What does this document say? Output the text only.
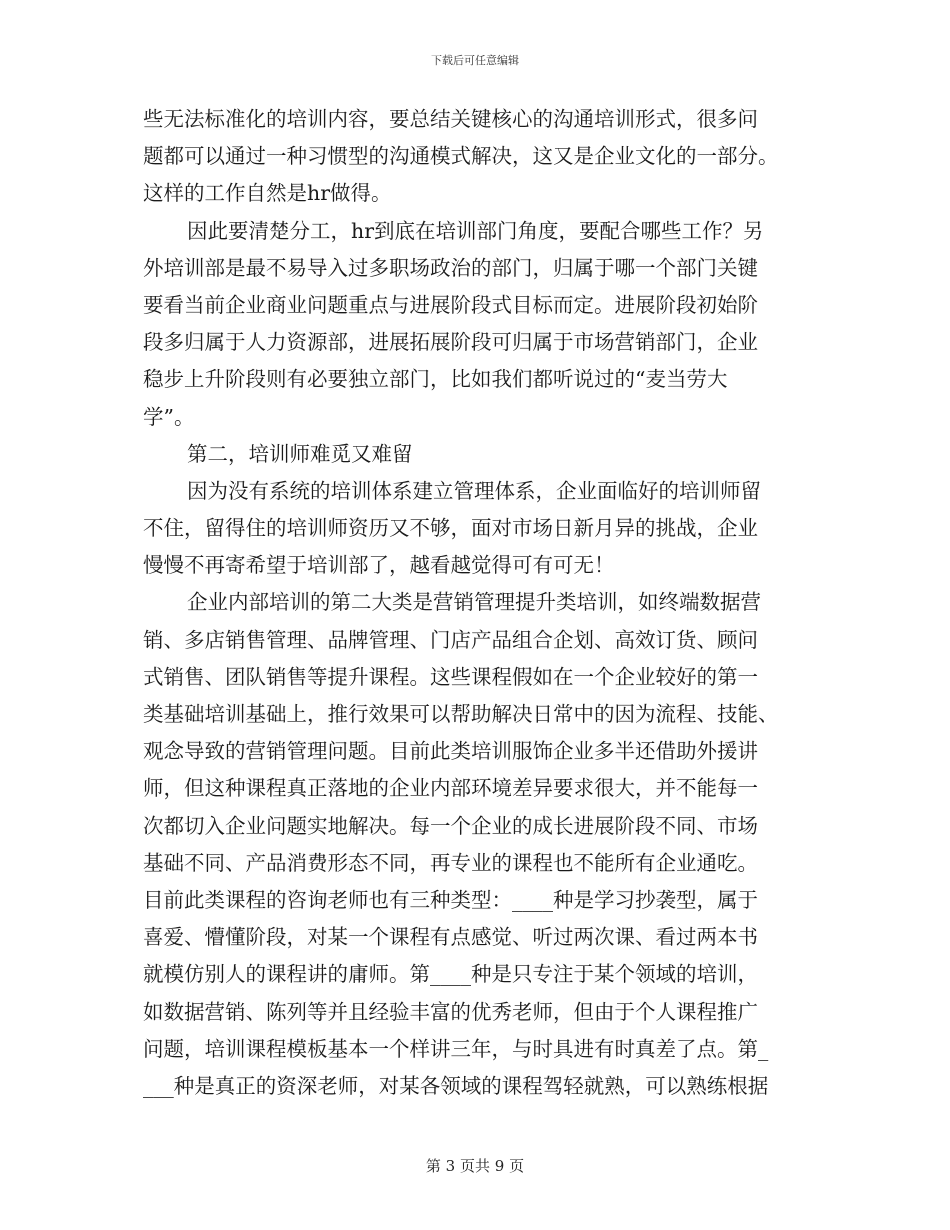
下载后可任意编辑
些无法标准化的培训内容，要总结关键核心的沟通培训形式，很多问
题都可以通过一种习惯型的沟通模式解决，这又是企业文化的一部分。
这样的工作自然是hr做得。
因此要清楚分工，hr到底在培训部门角度，要配合哪些工作？另
外培训部是最不易导入过多职场政治的部门，归属于哪一个部门关键
要看当前企业商业问题重点与进展阶段式目标而定。进展阶段初始阶
段多归属于人力资源部，进展拓展阶段可归属于市场营销部门，企业
稳步上升阶段则有必要独立部门，比如我们都听说过的“麦当劳大
学”。
第二，培训师难觅又难留
因为没有系统的培训体系建立管理体系，企业面临好的培训师留
不住，留得住的培训师资历又不够，面对市场日新月异的挑战，企业
慢慢不再寄希望于培训部了，越看越觉得可有可无！
企业内部培训的第二大类是营销管理提升类培训，如终端数据营
销、多店销售管理、品牌管理、门店产品组合企划、高效订货、顾问
式销售、团队销售等提升课程。这些课程假如在一个企业较好的第一
类基础培训基础上，推行效果可以帮助解决日常中的因为流程、技能、
观念导致的营销管理问题。目前此类培训服饰企业多半还借助外援讲
师，但这种课程真正落地的企业内部环境差异要求很大，并不能每一
次都切入企业问题实地解决。每一个企业的成长进展阶段不同、市场
基础不同、产品消费形态不同，再专业的课程也不能所有企业通吃。
目前此类课程的咨询老师也有三种类型：____种是学习抄袭型，属于
喜爱、懵懂阶段，对某一个课程有点感觉、听过两次课、看过两本书
就模仿别人的课程讲的庸师。第____种是只专注于某个领域的培训，
如数据营销、陈列等并且经验丰富的优秀老师，但由于个人课程推广
问题，培训课程模板基本一个样讲三年，与时具进有时真差了点。第_
___种是真正的资深老师，对某各领域的课程驾轻就熟，可以熟练根据
第 3 页共 9 页
